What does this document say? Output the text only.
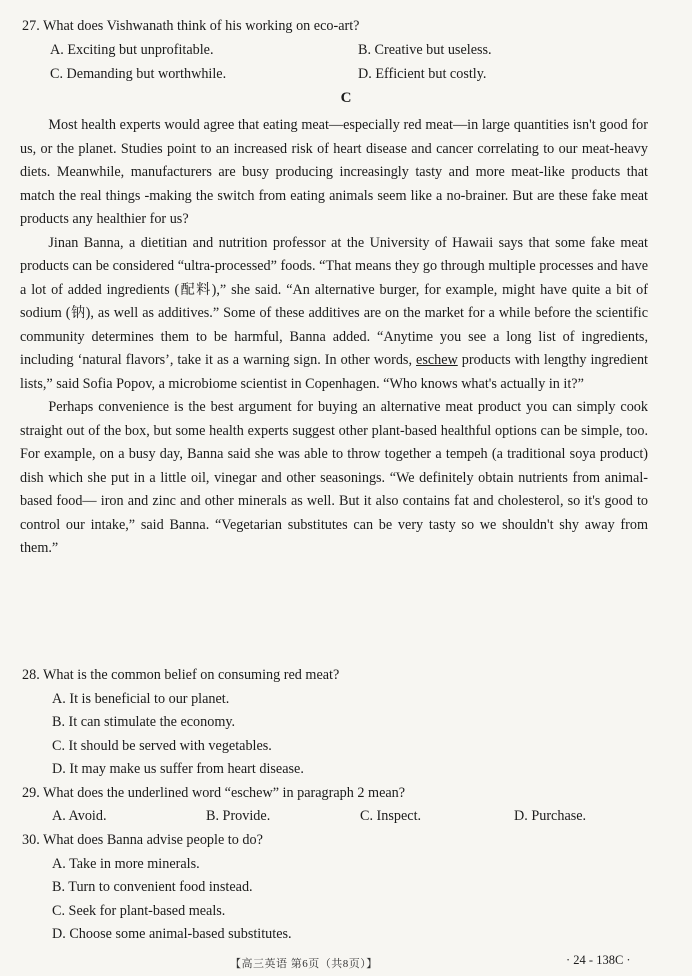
27. What does Vishwanath think of his working on eco-art?
A. Exciting but unprofitable.	B. Creative but useless.
C. Demanding but worthwhile.	D. Efficient but costly.
C

Most health experts would agree that eating meat—especially red meat—in large quantities isn't good for us, or the planet. Studies point to an increased risk of heart disease and cancer correlating to our meat-heavy diets. Meanwhile, manufacturers are busy producing increasingly tasty and more meat-like products that match the real things -making the switch from eating animals seem like a no-brainer. But are these fake meat products any healthier for us?

Jinan Banna, a dietitian and nutrition professor at the University of Hawaii says that some fake meat products can be considered “ultra-processed” foods. “That means they go through multiple processes and have a lot of added ingredients (配料),” she said. “An alternative burger, for example, might have quite a bit of sodium (钠), as well as additives.” Some of these additives are on the market for a while before the scientific community determines them to be harmful, Banna added. “Anytime you see a long list of ingredients, including ‘natural flavors’, take it as a warning sign. In other words, eschew products with lengthy ingredient lists,” said Sofia Popov, a microbiome scientist in Copenhagen. “Who knows what's actually in it?”

Perhaps convenience is the best argument for buying an alternative meat product you can simply cook straight out of the box, but some health experts suggest other plant-based healthful options can be simple, too. For example, on a busy day, Banna said she was able to throw together a tempeh (a traditional soya product) dish which she put in a little oil, vinegar and other seasonings. “We definitely obtain nutrients from animal-based food— iron and zinc and other minerals as well. But it also contains fat and cholesterol, so it's good to control our intake,” said Banna. “Vegetarian substitutes can be very tasty so we shouldn't shy away from them.”

28. What is the common belief on consuming red meat?
A. It is beneficial to our planet.
B. It can stimulate the economy.
C. It should be served with vegetables.
D. It may make us suffer from heart disease.
29. What does the underlined word “eschew” in paragraph 2 mean?
A. Avoid.	B. Provide.	C. Inspect.	D. Purchase.
30. What does Banna advise people to do?
A. Take in more minerals.
B. Turn to convenient food instead.
C. Seek for plant-based meals.
D. Choose some animal-based substitutes.
【高三英语 第6页（共8页）】	· 24 - 138C ·
